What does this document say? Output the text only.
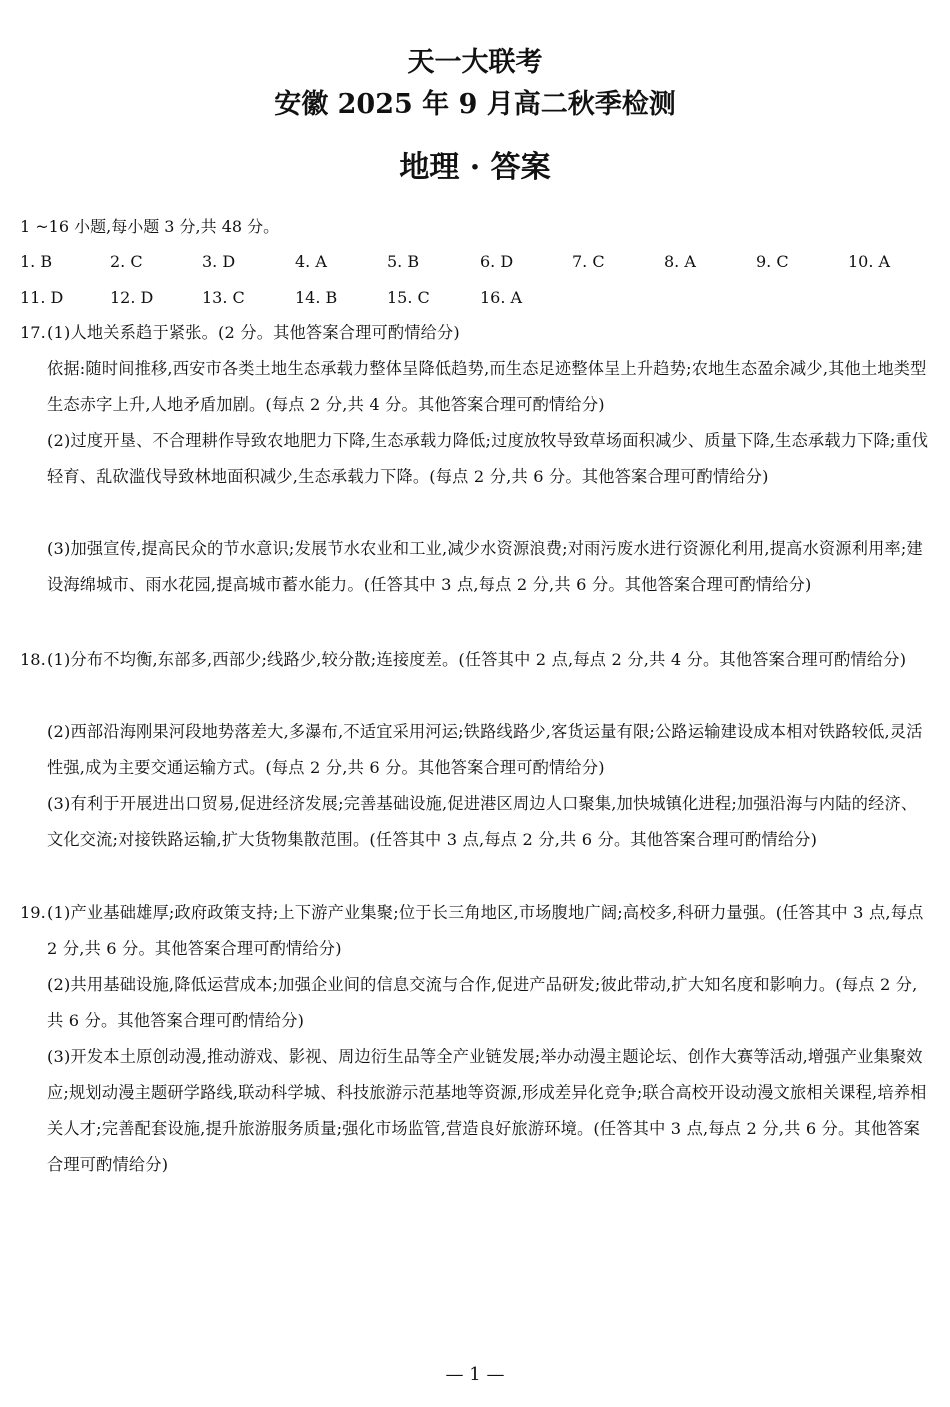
天一大联考
安徽 2025 年 9 月高二秋季检测
地理 · 答案
1 ~16 小题,每小题 3 分,共 48 分。
1. B	2. C	3. D	4. A	5. B	6. D	7. C	8. A	9. C	10. A
11. D	12. D	13. C	14. B	15. C	16. A
17. (1)人地关系趋于紧张。(2 分。其他答案合理可酌情给分)
依据:随时间推移,西安市各类土地生态承载力整体呈降低趋势,而生态足迹整体呈上升趋势;农地生态盈余减少,其他土地类型生态赤字上升,人地矛盾加剧。(每点 2 分,共 4 分。其他答案合理可酌情给分)
(2)过度开垦、不合理耕作导致农地肥力下降,生态承载力降低;过度放牧导致草场面积减少、质量下降,生态承载力下降;重伐轻育、乱砍滥伐导致林地面积减少,生态承载力下降。(每点 2 分,共 6 分。其他答案合理可酌情给分)
(3)加强宣传,提高民众的节水意识;发展节水农业和工业,减少水资源浪费;对雨污废水进行资源化利用,提高水资源利用率;建设海绵城市、雨水花园,提高城市蓄水能力。(任答其中 3 点,每点 2 分,共 6 分。其他答案合理可酌情给分)
18. (1)分布不均衡,东部多,西部少;线路少,较分散;连接度差。(任答其中 2 点,每点 2 分,共 4 分。其他答案合理可酌情给分)
(2)西部沿海刚果河段地势落差大,多瀑布,不适宜采用河运;铁路线路少,客货运量有限;公路运输建设成本相对铁路较低,灵活性强,成为主要交通运输方式。(每点 2 分,共 6 分。其他答案合理可酌情给分)
(3)有利于开展进出口贸易,促进经济发展;完善基础设施,促进港区周边人口聚集,加快城镇化进程;加强沿海与内陆的经济、文化交流;对接铁路运输,扩大货物集散范围。(任答其中 3 点,每点 2 分,共 6 分。其他答案合理可酌情给分)
19. (1)产业基础雄厚;政府政策支持;上下游产业集聚;位于长三角地区,市场腹地广阔;高校多,科研力量强。(任答其中 3 点,每点 2 分,共 6 分。其他答案合理可酌情给分)
(2)共用基础设施,降低运营成本;加强企业间的信息交流与合作,促进产品研发;彼此带动,扩大知名度和影响力。(每点 2 分,共 6 分。其他答案合理可酌情给分)
(3)开发本土原创动漫,推动游戏、影视、周边衍生品等全产业链发展;举办动漫主题论坛、创作大赛等活动,增强产业集聚效应;规划动漫主题研学路线,联动科学城、科技旅游示范基地等资源,形成差异化竞争;联合高校开设动漫文旅相关课程,培养相关人才;完善配套设施,提升旅游服务质量;强化市场监管,营造良好旅游环境。(任答其中 3 点,每点 2 分,共 6 分。其他答案合理可酌情给分)
— 1 —
